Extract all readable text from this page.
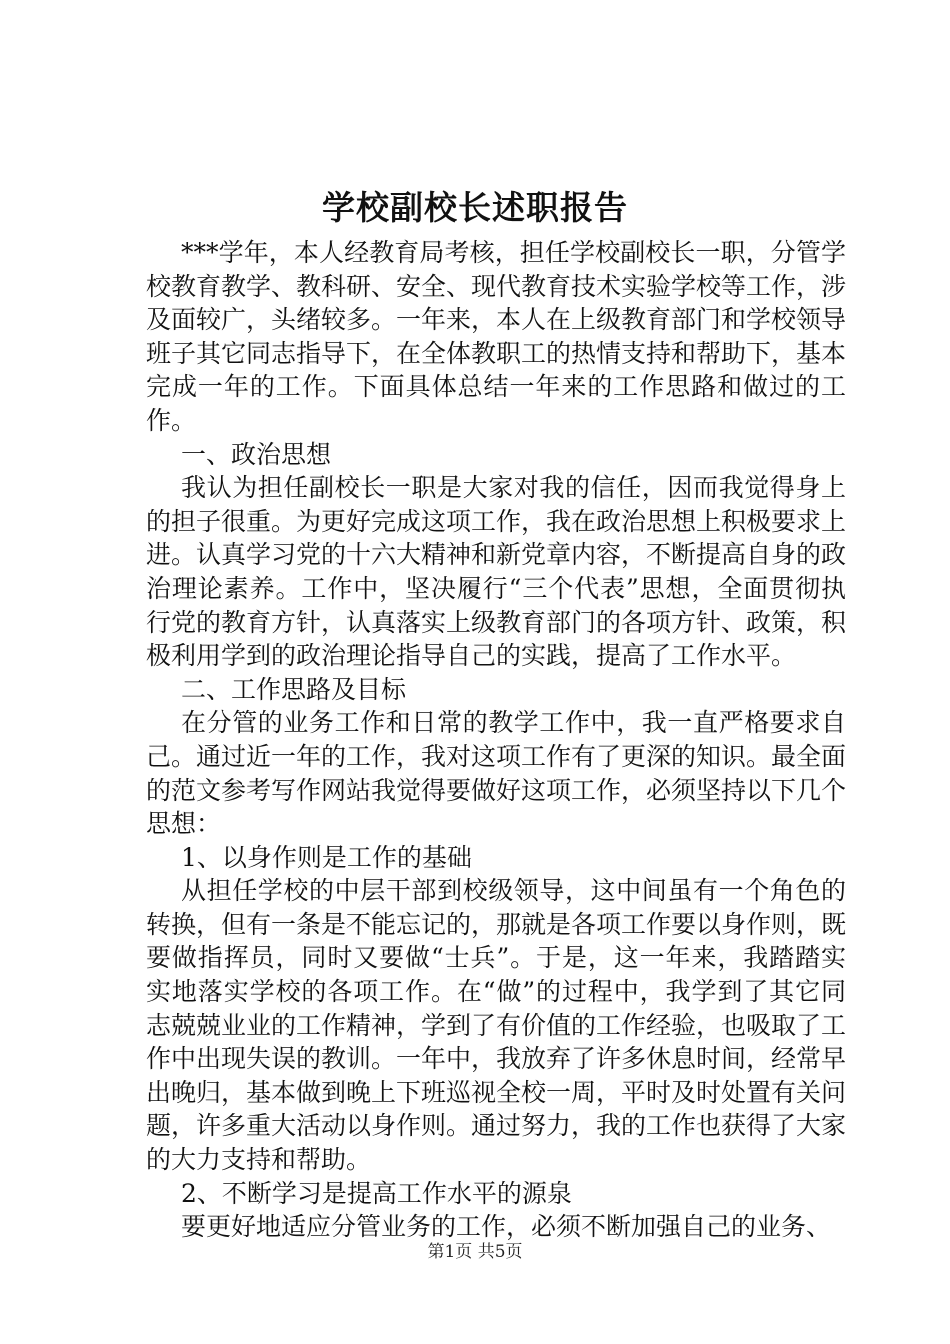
学校副校长述职报告

***学年，本人经教育局考核，担任学校副校长一职，分管学校教育教学、教科研、安全、现代教育技术实验学校等工作，涉及面较广，头绪较多。一年来，本人在上级教育部门和学校领导班子其它同志指导下，在全体教职工的热情支持和帮助下，基本完成一年的工作。下面具体总结一年来的工作思路和做过的工作。

一、政治思想

我认为担任副校长一职是大家对我的信任，因而我觉得身上的担子很重。为更好完成这项工作，我在政治思想上积极要求上进。认真学习党的十六大精神和新党章内容，不断提高自身的政治理论素养。工作中，坚决履行“三个代表”思想，全面贯彻执行党的教育方针，认真落实上级教育部门的各项方针、政策，积极利用学到的政治理论指导自己的实践，提高了工作水平。

二、工作思路及目标

在分管的业务工作和日常的教学工作中，我一直严格要求自己。通过近一年的工作，我对这项工作有了更深的知识。最全面的范文参考写作网站我觉得要做好这项工作，必须坚持以下几个思想：

1、以身作则是工作的基础

从担任学校的中层干部到校级领导，这中间虽有一个角色的转换，但有一条是不能忘记的，那就是各项工作要以身作则，既要做指挥员，同时又要做“士兵”。于是，这一年来，我踏踏实实地落实学校的各项工作。在“做”的过程中，我学到了其它同志兢兢业业的工作精神，学到了有价值的工作经验，也吸取了工作中出现失误的教训。一年中，我放弃了许多休息时间，经常早出晚归，基本做到晚上下班巡视全校一周，平时及时处置有关问题，许多重大活动以身作则。通过努力，我的工作也获得了大家的大力支持和帮助。

2、不断学习是提高工作水平的源泉

要更好地适应分管业务的工作，必须不断加强自己的业务、

第1页 共5页
